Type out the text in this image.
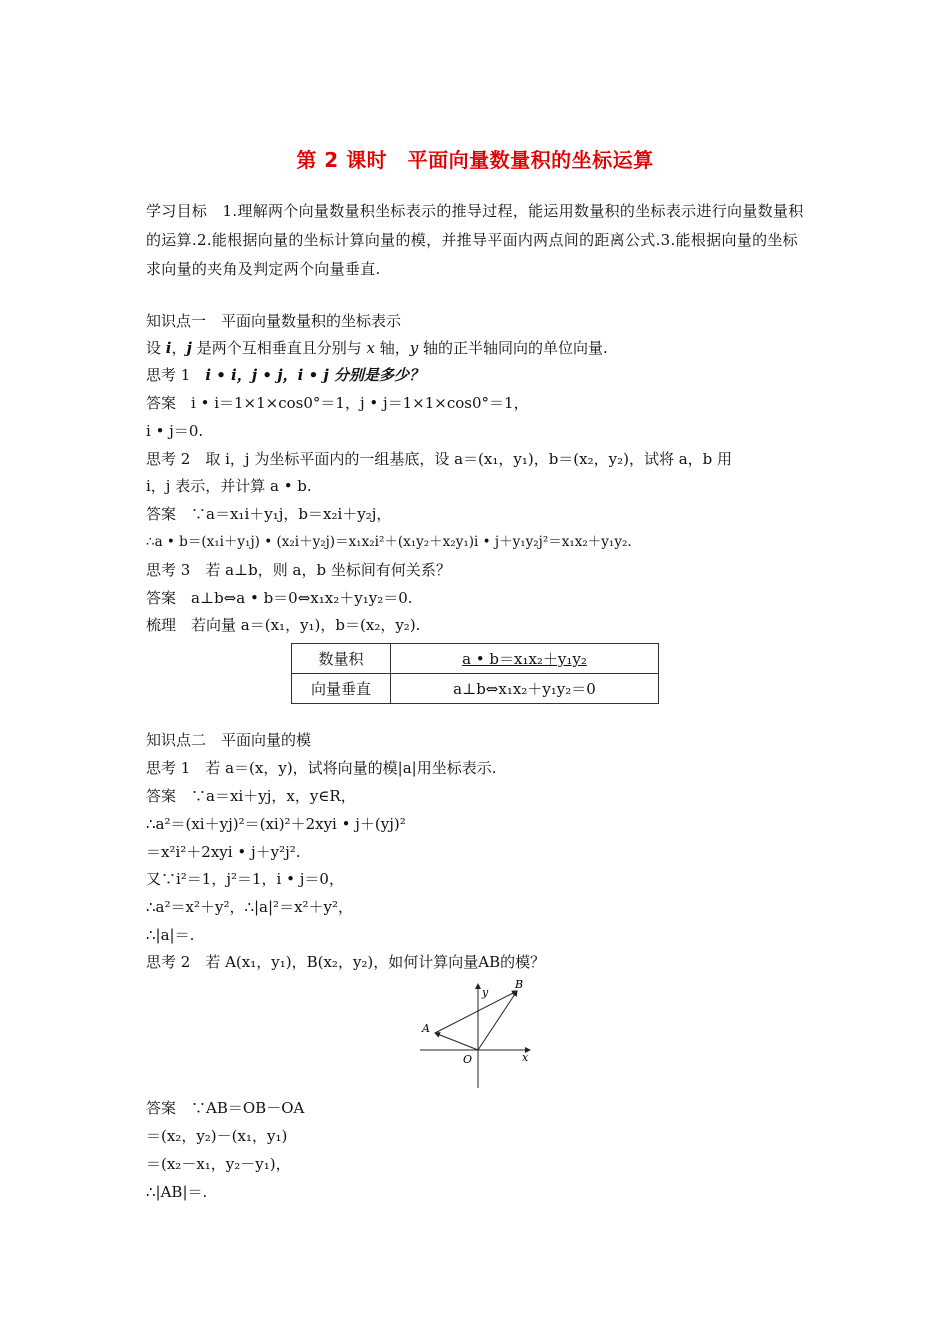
第 2 课时　平面向量数量积的坐标运算
学习目标　1.理解两个向量数量积坐标表示的推导过程，能运用数量积的坐标表示进行向量数量积的运算.2.能根据向量的坐标计算向量的模，并推导平面内两点间的距离公式.3.能根据向量的坐标求向量的夹角及判定两个向量垂直.
知识点一　平面向量数量积的坐标表示
设 i，j 是两个互相垂直且分别与 x 轴，y 轴的正半轴同向的单位向量.
思考 1　 i • i，j • j，i • j 分别是多少？
答案　 i • i＝1×1×cos0°＝1，j • j＝1×1×cos0°＝1，
i • j＝0.
思考 2　 取 i，j 为坐标平面内的一组基底，设 a＝(x₁，y₁)，b＝(x₂，y₂)，试将 a，b 用
i，j 表示，并计算 a • b.
答案　 ∵a＝x₁i＋y₁j，b＝x₂i＋y₂j，
∴a • b＝(x₁i＋y₁j) • (x₂i＋y₂j)＝x₁x₂i²＋(x₁y₂＋x₂y₁)i • j＋y₁y₂j²＝x₁x₂＋y₁y₂.
思考 3　 若 a⊥b，则 a，b 坐标间有何关系？
答案　 a⊥b⇔a • b＝0⇔x₁x₂＋y₁y₂＝0.
梳理　 若向量 a＝(x₁，y₁)，b＝(x₂，y₂).
数量积	a • b＝x₁x₂＋y₁y₂
向量垂直	a⊥b⇔x₁x₂＋y₁y₂＝0
知识点二　平面向量的模
思考 1　 若 a＝(x，y)，试将向量的模|a|用坐标表示.
答案　 ∵a＝xi＋yj，x，y∈R，
∴a²＝(xi＋yj)²＝(xi)²＋2xyi • j＋(yj)²
＝x²i²＋2xyi • j＋y²j².
又∵i²＝1，j²＝1，i • j＝0，
∴a²＝x²＋y²，∴|a|²＝x²＋y²，
∴|a|＝.
思考 2　 若 A(x₁，y₁)，B(x₂，y₂)，如何计算向量AB的模？
y
B
A
O	x
答案　 ∵AB＝OB－OA
＝(x₂，y₂)－(x₁，y₁)
＝(x₂－x₁，y₂－y₁)，
∴|AB|＝.
